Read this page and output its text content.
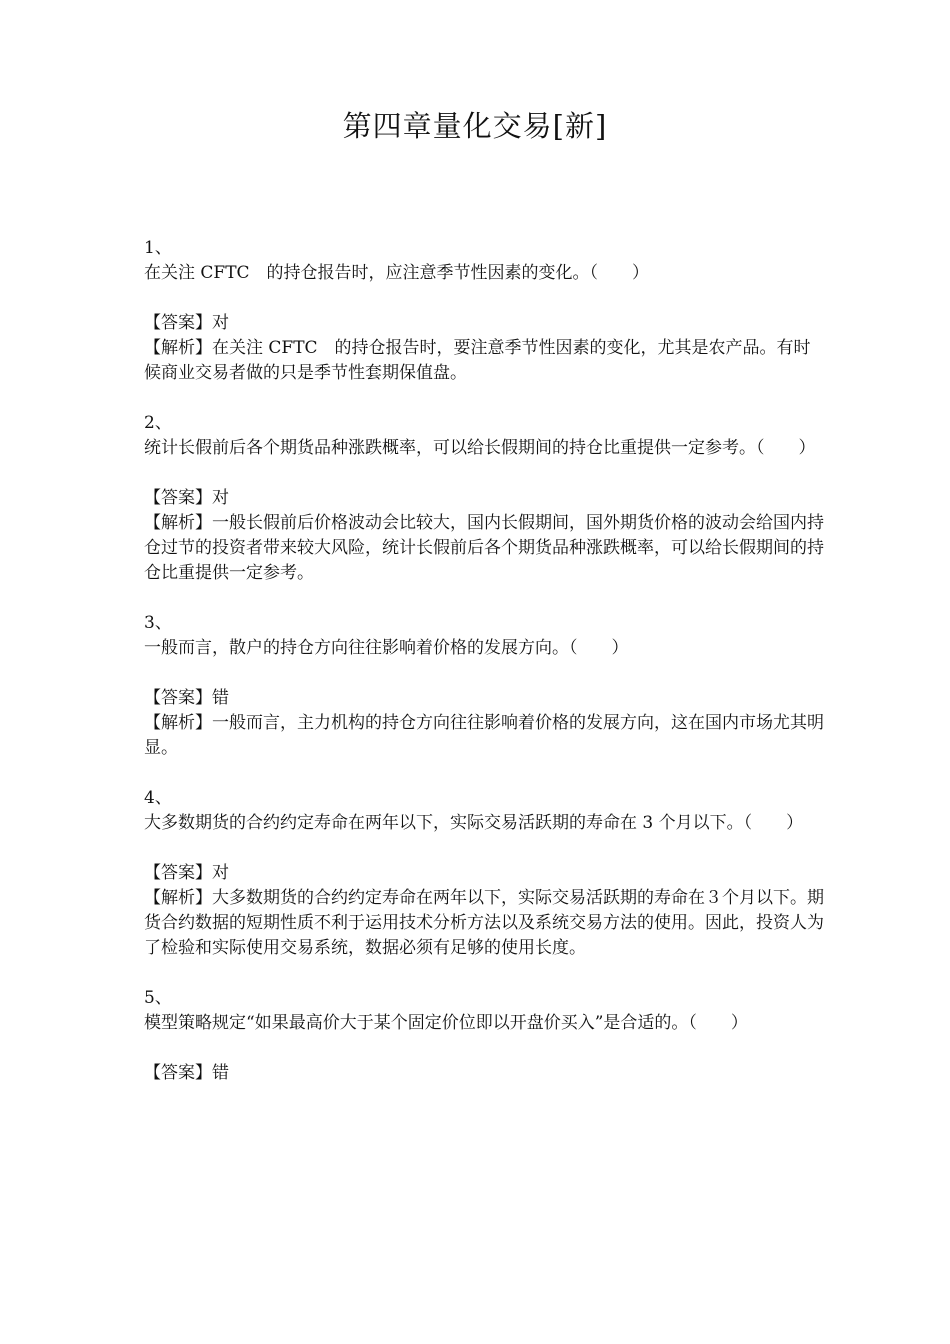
第四章量化交易[新]

1、

在关注 CFTC　的持仓报告时，应注意季节性因素的变化。（　　）

【答案】对

【解析】在关注 CFTC　的持仓报告时，要注意季节性因素的变化，尤其是农产品。有时候商业交易者做的只是季节性套期保值盘。

2、

统计长假前后各个期货品种涨跌概率，可以给长假期间的持仓比重提供一定参考。（　　）

【答案】对

【解析】一般长假前后价格波动会比较大，国内长假期间，国外期货价格的波动会给国内持仓过节的投资者带来较大风险，统计长假前后各个期货品种涨跌概率，可以给长假期间的持仓比重提供一定参考。

3、

一般而言，散户的持仓方向往往影响着价格的发展方向。（　　）

【答案】错

【解析】一般而言，主力机构的持仓方向往往影响着价格的发展方向，这在国内市场尤其明显。

4、

大多数期货的合约约定寿命在两年以下，实际交易活跃期的寿命在 3 个月以下。（　　）

【答案】对

【解析】大多数期货的合约约定寿命在两年以下，实际交易活跃期的寿命在３个月以下。期货合约数据的短期性质不利于运用技术分析方法以及系统交易方法的使用。因此，投资人为了检验和实际使用交易系统，数据必须有足够的使用长度。

5、

模型策略规定“如果最高价大于某个固定价位即以开盘价买入”是合适的。（　　）

【答案】错
